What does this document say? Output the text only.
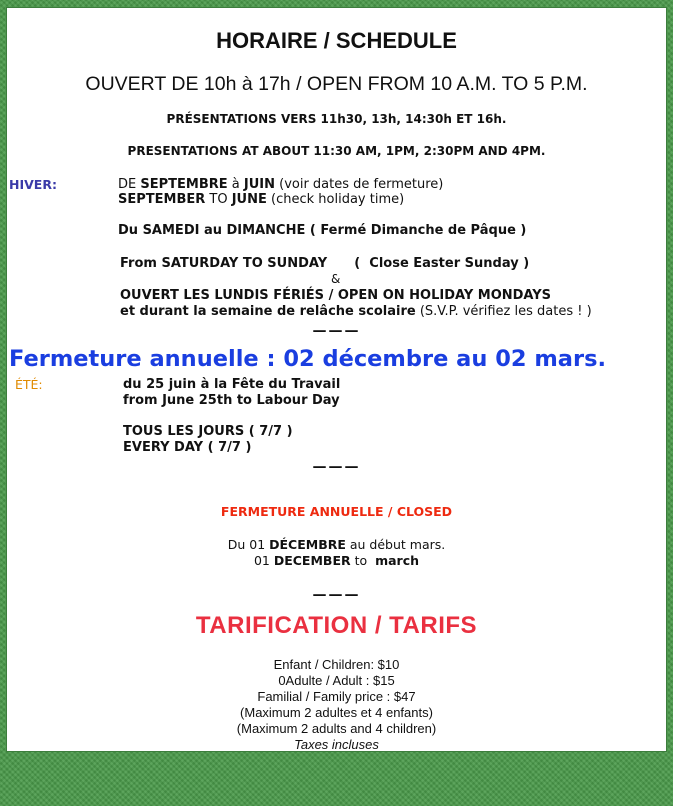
HORAIRE / SCHEDULE
OUVERT DE 10h à 17h / OPEN FROM 10 A.M. TO 5 P.M.
PRÉSENTATIONS VERS 11h30, 13h, 14:30h ET 16h.
PRESENTATIONS AT ABOUT 11:30 AM, 1PM, 2:30PM AND 4PM.
HIVER:	DE SEPTEMBRE à JUIN (voir dates de fermeture)
SEPTEMBER TO JUNE (check holiday time)
Du SAMEDI au DIMANCHE ( Fermé Dimanche de Pâque )
From SATURDAY TO SUNDAY      (  Close Easter Sunday )
&
OUVERT LES LUNDIS FÉRIÉS / OPEN ON HOLIDAY MONDAYS
et durant la semaine de relâche scolaire (S.V.P. vérifiez les dates ! )
———
Fermeture annuelle : 02 décembre au 02 mars.
ÉTÉ:	du 25 juin à la Fête du Travail
from June 25th to Labour Day
TOUS LES JOURS ( 7/7 )
EVERY DAY ( 7/7 )
———
FERMETURE ANNUELLE / CLOSED
Du 01 DÉCEMBRE au début mars.
01 DECEMBER to  march
———
TARIFICATION / TARIFS
Enfant / Children: $10
0Adulte / Adult : $15
Familial / Family price : $47
(Maximum 2 adultes et 4 enfants)
(Maximum 2 adults and 4 children)
Taxes incluses
